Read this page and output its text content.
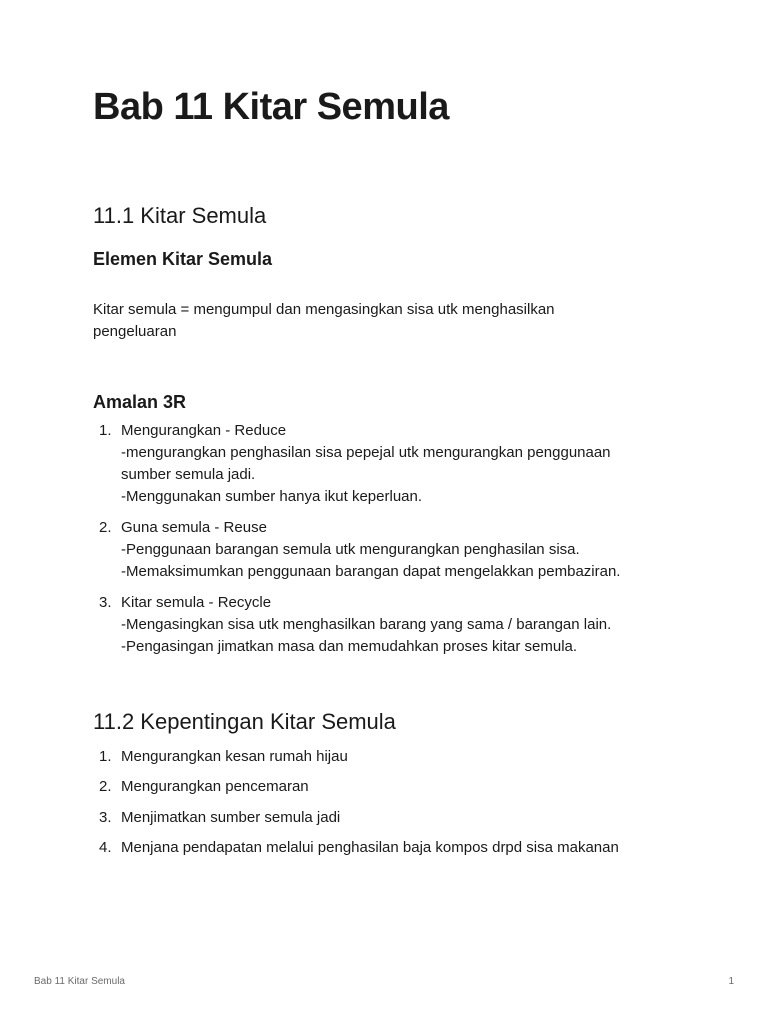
Bab 11 Kitar Semula
11.1 Kitar Semula
Elemen Kitar Semula
Kitar semula = mengumpul dan mengasingkan sisa utk menghasilkan
pengeluaran
Amalan 3R
1. Mengurangkan - Reduce
-mengurangkan penghasilan sisa pepejal utk mengurangkan penggunaan
sumber semula jadi.
-Menggunakan sumber hanya ikut keperluan.
2. Guna semula - Reuse
-Penggunaan barangan semula utk mengurangkan penghasilan sisa.
-Memaksimumkan penggunaan barangan dapat mengelakkan pembaziran.
3. Kitar semula - Recycle
-Mengasingkan sisa utk menghasilkan barang yang sama / barangan lain.
-Pengasingan jimatkan masa dan memudahkan proses kitar semula.
11.2 Kepentingan Kitar Semula
1. Mengurangkan kesan rumah hijau
2. Mengurangkan pencemaran
3. Menjimatkan sumber semula jadi
4. Menjana pendapatan melalui penghasilan baja kompos drpd sisa makanan
Bab 11 Kitar Semula	1
